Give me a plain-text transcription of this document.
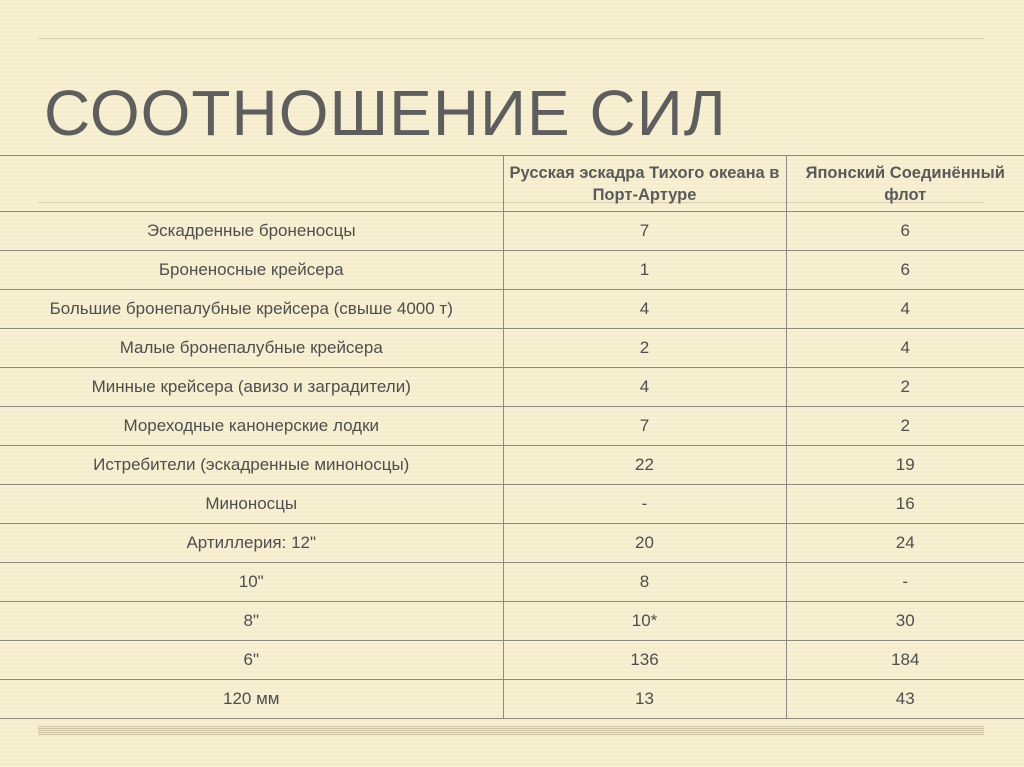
СООТНОШЕНИЕ СИЛ
	Русская эскадра Тихого океана в Порт-Артуре	Японский Соединённый флот
Эскадренные броненосцы	7	6
Броненосные крейсера	1	6
Большие бронепалубные крейсера (свыше 4000 т)	4	4
Малые бронепалубные крейсера	2	4
Минные крейсера (авизо и заградители)	4	2
Мореходные канонерские лодки	7	2
Истребители (эскадренные миноносцы)	22	19
Миноносцы	-	16
Артиллерия: 12"	20	24
10"	8	-
8"	10*	30
6"	136	184
120 мм	13	43
